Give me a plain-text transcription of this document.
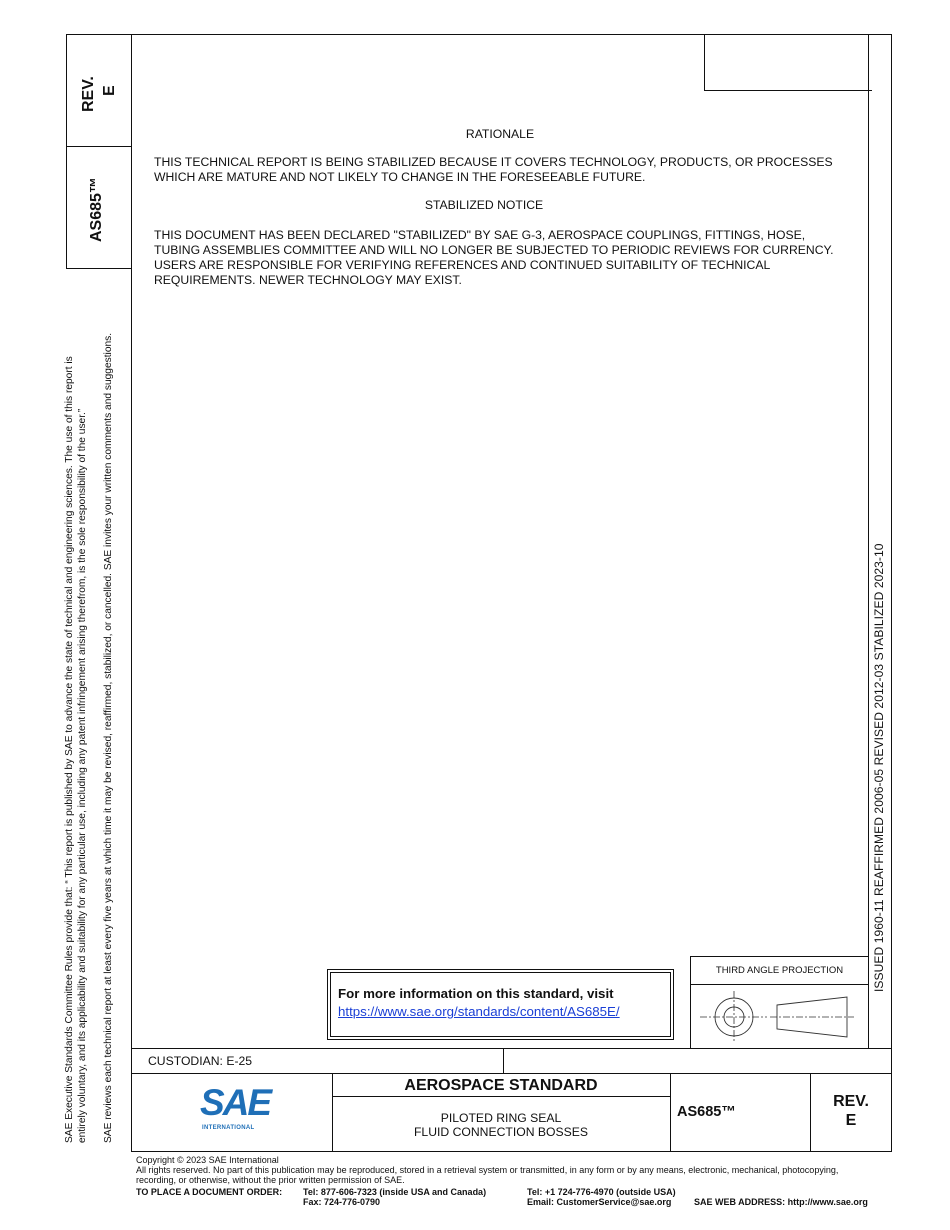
REV. E
AS685™
SAE Executive Standards Committee Rules provide that: “ This report is published by SAE to advance the state of technical and engineering sciences. The use of this report is entirely voluntary, and its applicability and suitability for any particular use, including any patent infringement arising therefrom, is the sole responsibility of the user.” SAE reviews each technical report at least every five years at which time it may be revised, reaffirmed, stabilized, or cancelled. SAE invites your written comments and suggestions.	ISSUED 1960-11 REAFFIRMED 2006-05 REVISED 2012-03 STABILIZED 2023-10
RATIONALE
THIS TECHNICAL REPORT IS BEING STABILIZED BECAUSE IT COVERS TECHNOLOGY, PRODUCTS, OR PROCESSES WHICH ARE MATURE AND NOT LIKELY TO CHANGE IN THE FORESEEABLE FUTURE.
STABILIZED NOTICE
THIS DOCUMENT HAS BEEN DECLARED "STABILIZED" BY SAE G-3, AEROSPACE COUPLINGS, FITTINGS, HOSE, TUBING ASSEMBLIES COMMITTEE AND WILL NO LONGER BE SUBJECTED TO PERIODIC REVIEWS FOR CURRENCY. USERS ARE RESPONSIBLE FOR VERIFYING REFERENCES AND CONTINUED SUITABILITY OF TECHNICAL REQUIREMENTS. NEWER TECHNOLOGY MAY EXIST.
For more information on this standard, visit
https://www.sae.org/standards/content/AS685E/
THIRD ANGLE PROJECTION
CUSTODIAN: E-25
SAE
INTERNATIONAL
AEROSPACE STANDARD
PILOTED RING SEAL
FLUID CONNECTION BOSSES
AS685™
REV.
E
Copyright © 2023 SAE International
All rights reserved. No part of this publication may be reproduced, stored in a retrieval system or transmitted, in any form or by any means, electronic, mechanical, photocopying,
recording, or otherwise, without the prior written permission of SAE.
TO PLACE A DOCUMENT ORDER: Tel: 877-606-7323 (inside USA and Canada)
Fax: 724-776-0790
Tel: +1 724-776-4970 (outside USA)
Email: CustomerService@sae.org	SAE WEB ADDRESS: http://www.sae.org
